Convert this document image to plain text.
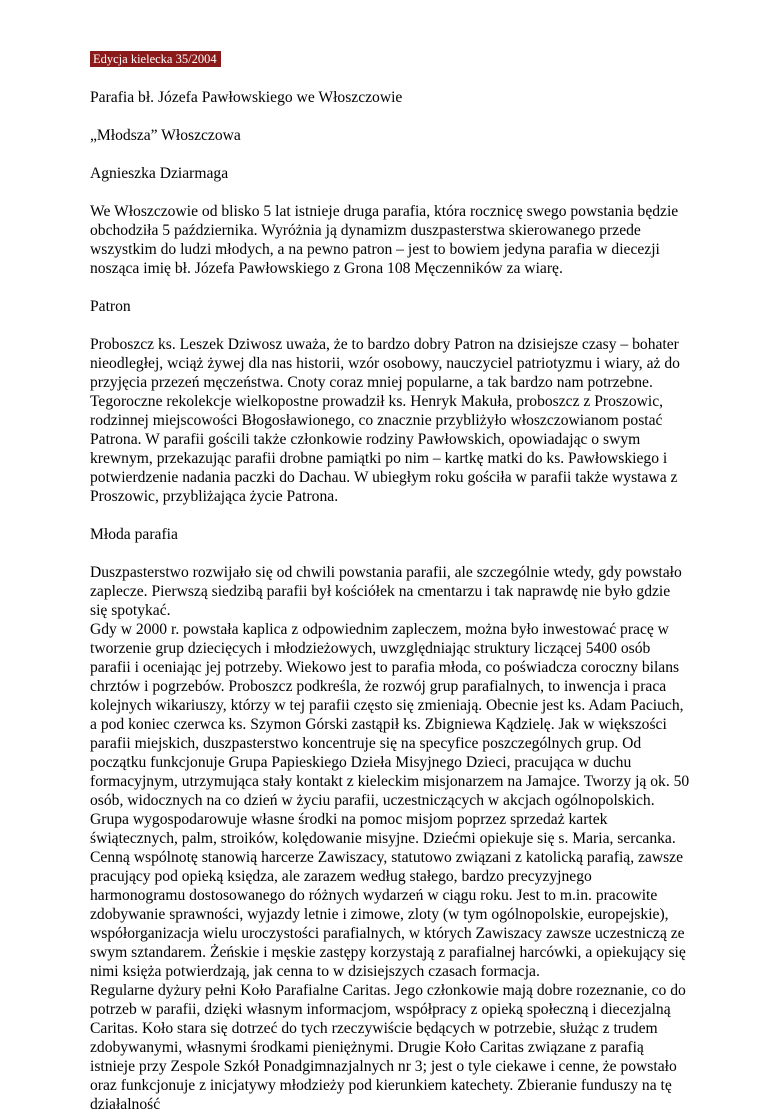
Edycja kielecka 35/2004

Parafia bł. Józefa Pawłowskiego we Włoszczowie

„Młodsza” Włoszczowa

Agnieszka Dziarmaga

We Włoszczowie od blisko 5 lat istnieje druga parafia, która rocznicę swego powstania będzie obchodziła 5 października. Wyróżnia ją dynamizm duszpasterstwa skierowanego przede wszystkim do ludzi młodych, a na pewno patron – jest to bowiem jedyna parafia w diecezji nosząca imię bł. Józefa Pawłowskiego z Grona 108 Męczenników za wiarę.

Patron

Proboszcz ks. Leszek Dziwosz uważa, że to bardzo dobry Patron na dzisiejsze czasy – bohater nieodległej, wciąż żywej dla nas historii, wzór osobowy, nauczyciel patriotyzmu i wiary, aż do przyjęcia przezeń męczeństwa. Cnoty coraz mniej popularne, a tak bardzo nam potrzebne. Tegoroczne rekolekcje wielkopostne prowadził ks. Henryk Makuła, proboszcz z Proszowic, rodzinnej miejscowości Błogosławionego, co znacznie przybliżyło włoszczowianom postać Patrona. W parafii gościli także członkowie rodziny Pawłowskich, opowiadając o swym krewnym, przekazując parafii drobne pamiątki po nim – kartkę matki do ks. Pawłowskiego i potwierdzenie nadania paczki do Dachau. W ubiegłym roku gościła w parafii także wystawa z Proszowic, przybliżająca życie Patrona.

Młoda parafia

Duszpasterstwo rozwijało się od chwili powstania parafii, ale szczególnie wtedy, gdy powstało zaplecze. Pierwszą siedzibą parafii był kościółek na cmentarzu i tak naprawdę nie było gdzie się spotykać.

Gdy w 2000 r. powstała kaplica z odpowiednim zapleczem, można było inwestować pracę w tworzenie grup dziecięcych i młodzieżowych, uwzględniając struktury liczącej 5400 osób parafii i oceniając jej potrzeby. Wiekowo jest to parafia młoda, co poświadcza coroczny bilans chrztów i pogrzebów. Proboszcz podkreśla, że rozwój grup parafialnych, to inwencja i praca kolejnych wikariuszy, którzy w tej parafii często się zmieniają. Obecnie jest ks. Adam Paciuch, a pod koniec czerwca ks. Szymon Górski zastąpił ks. Zbigniewa Kądzielę. Jak w większości parafii miejskich, duszpasterstwo koncentruje się na specyfice poszczególnych grup. Od początku funkcjonuje Grupa Papieskiego Dzieła Misyjnego Dzieci, pracująca w duchu formacyjnym, utrzymująca stały kontakt z kieleckim misjonarzem na Jamajce. Tworzy ją ok. 50 osób, widocznych na co dzień w życiu parafii, uczestniczących w akcjach ogólnopolskich. Grupa wygospodarowuje własne środki na pomoc misjom poprzez sprzedaż kartek świątecznych, palm, stroików, kolędowanie misyjne. Dziećmi opiekuje się s. Maria, sercanka. Cenną wspólnotę stanowią harcerze Zawiszacy, statutowo związani z katolicką parafią, zawsze pracujący pod opieką księdza, ale zarazem według stałego, bardzo precyzyjnego harmonogramu dostosowanego do różnych wydarzeń w ciągu roku. Jest to m.in. pracowite zdobywanie sprawności, wyjazdy letnie i zimowe, zloty (w tym ogólnopolskie, europejskie), współorganizacja wielu uroczystości parafialnych, w których Zawiszacy zawsze uczestniczą ze swym sztandarem. Żeńskie i męskie zastępy korzystają z parafialnej harcówki, a opiekujący się nimi księża potwierdzają, jak cenna to w dzisiejszych czasach formacja.

Regularne dyżury pełni Koło Parafialne Caritas. Jego członkowie mają dobre rozeznanie, co do potrzeb w parafii, dzięki własnym informacjom, współpracy z opieką społeczną i diecezjalną Caritas. Koło stara się dotrzeć do tych rzeczywiście będących w potrzebie, służąc z trudem zdobywanymi, własnymi środkami pieniężnymi. Drugie Koło Caritas związane z parafią istnieje przy Zespole Szkół Ponadgimnazjalnych nr 3; jest o tyle ciekawe i cenne, że powstało oraz funkcjonuje z inicjatywy młodzieży pod kierunkiem katechety. Zbieranie funduszy na tę działalność
